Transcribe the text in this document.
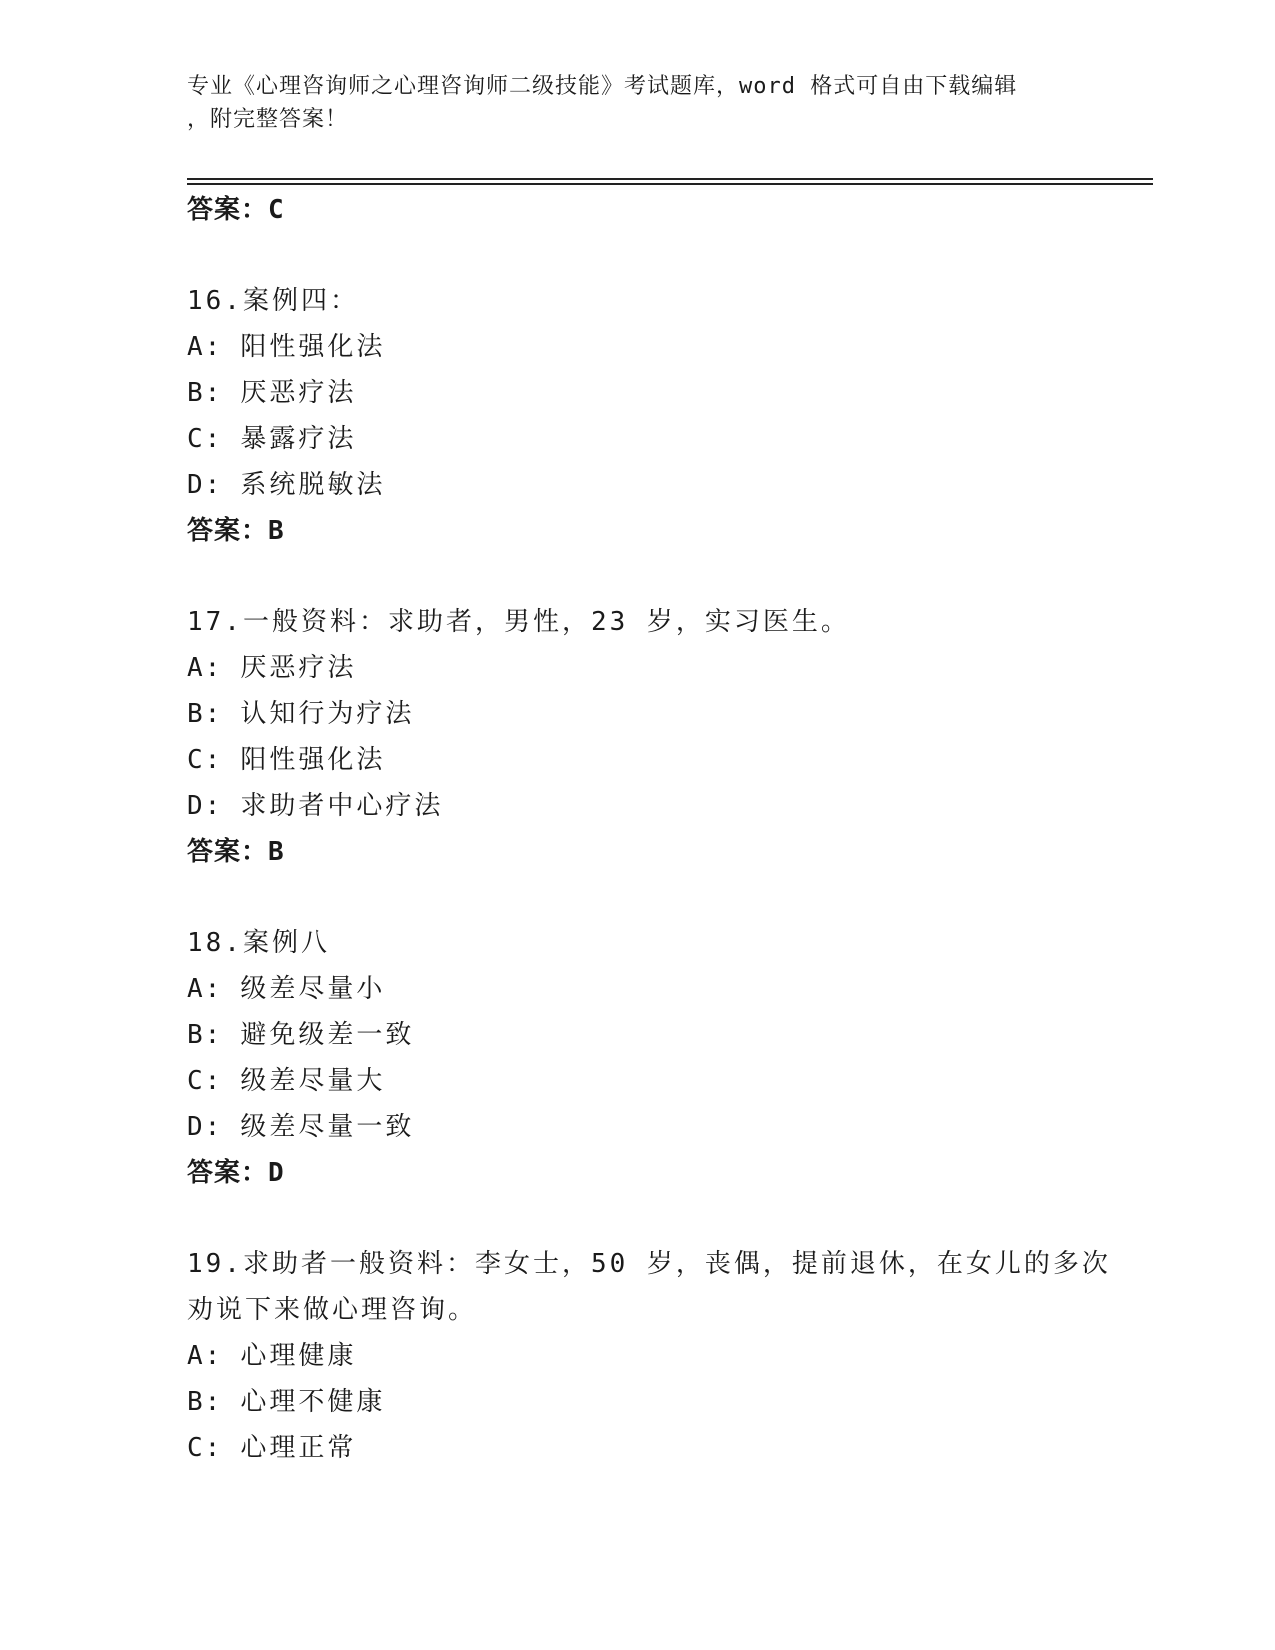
专业《心理咨询师之心理咨询师二级技能》考试题库，word 格式可自由下载编辑
，附完整答案！
答案：C
16.案例四：
A: 阳性强化法
B: 厌恶疗法
C: 暴露疗法
D: 系统脱敏法
答案：B
17.一般资料：求助者，男性，23 岁，实习医生。
A: 厌恶疗法
B: 认知行为疗法
C: 阳性强化法
D: 求助者中心疗法
答案：B
18.案例八
A: 级差尽量小
B: 避免级差一致
C: 级差尽量大
D: 级差尽量一致
答案：D
19.求助者一般资料：李女士，50 岁，丧偶，提前退休，在女儿的多次
劝说下来做心理咨询。
A: 心理健康
B: 心理不健康
C: 心理正常
